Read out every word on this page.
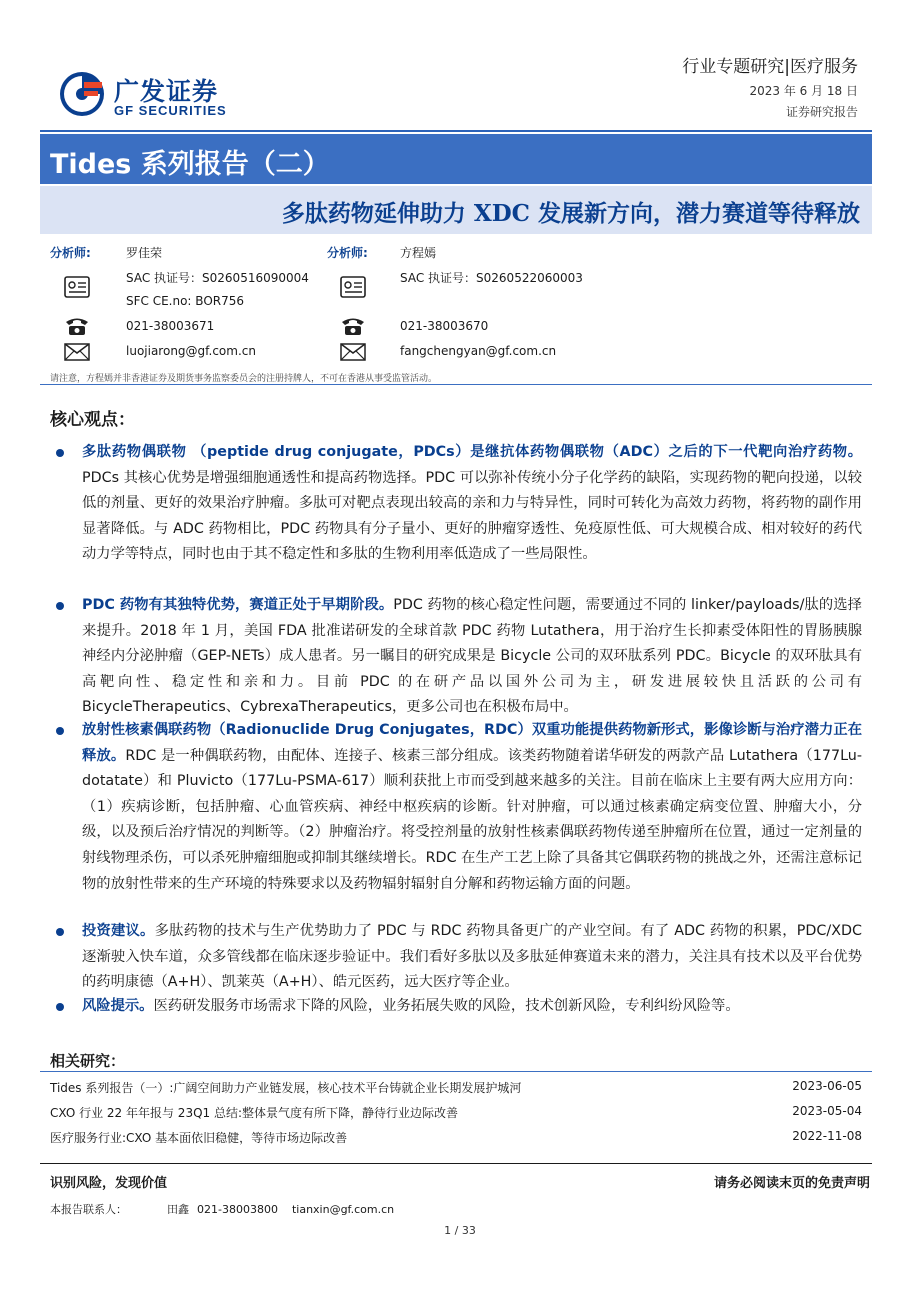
广发证券
GF SECURITIES
行业专题研究|医疗服务
2023 年 6 月 18 日
证券研究报告
Tides 系列报告（二）
多肽药物延伸助力 XDC 发展新方向，潜力赛道等待释放
分析师:	罗佳荣
SAC 执证号：S0260516090004
SFC CE.no: BOR756
021-38003671
luojiarong@gf.com.cn
分析师:	方程嫣
SAC 执证号：S0260522060003
021-38003670
fangchengyan@gf.com.cn
请注意，方程嫣并非香港证券及期货事务监察委员会的注册持牌人，不可在香港从事受监管活动。
核心观点：
多肽药物偶联物 （peptide drug conjugate，PDCs）是继抗体药物偶联物（ADC）之后的下一代靶向治疗药物。PDCs 其核心优势是增强细胞通透性和提高药物选择。PDC 可以弥补传统小分子化学药的缺陷，实现药物的靶向投递，以较低的剂量、更好的效果治疗肿瘤。多肽可对靶点表现出较高的亲和力与特异性，同时可转化为高效力药物，将药物的副作用显著降低。与 ADC 药物相比，PDC 药物具有分子量小、更好的肿瘤穿透性、免疫原性低、可大规模合成、相对较好的药代动力学等特点，同时也由于其不稳定性和多肽的生物利用率低造成了一些局限性。
PDC 药物有其独特优势，赛道正处于早期阶段。PDC 药物的核心稳定性问题，需要通过不同的 linker/payloads/肽的选择来提升。2018 年 1 月，美国 FDA 批准诺研发的全球首款 PDC 药物 Lutathera，用于治疗生长抑素受体阳性的胃肠胰腺神经内分泌肿瘤（GEP-NETs）成人患者。另一瞩目的研究成果是 Bicycle 公司的双环肽系列 PDC。Bicycle 的双环肽具有高靶向性、稳定性和亲和力。目前 PDC 的在研产品以国外公司为主，研发进展较快且活跃的公司有 BicycleTherapeutics、CybrexaTherapeutics，更多公司也在积极布局中。
放射性核素偶联药物（Radionuclide Drug Conjugates，RDC）双重功能提供药物新形式，影像诊断与治疗潜力正在释放。RDC 是一种偶联药物，由配体、连接子、核素三部分组成。该类药物随着诺华研发的两款产品 Lutathera（177Lu-dotatate）和 Pluvicto（177Lu-PSMA-617）顺利获批上市而受到越来越多的关注。目前在临床上主要有两大应用方向：（1）疾病诊断，包括肿瘤、心血管疾病、神经中枢疾病的诊断。针对肿瘤，可以通过核素确定病变位置、肿瘤大小，分级，以及预后治疗情况的判断等。（2）肿瘤治疗。将受控剂量的放射性核素偶联药物传递至肿瘤所在位置，通过一定剂量的射线物理杀伤，可以杀死肿瘤细胞或抑制其继续增长。RDC 在生产工艺上除了具备其它偶联药物的挑战之外，还需注意标记物的放射性带来的生产环境的特殊要求以及药物辐射辐射自分解和药物运输方面的问题。
投资建议。多肽药物的技术与生产优势助力了 PDC 与 RDC 药物具备更广的产业空间。有了 ADC 药物的积累，PDC/XDC 逐渐驶入快车道，众多管线都在临床逐步验证中。我们看好多肽以及多肽延伸赛道未来的潜力，关注具有技术以及平台优势的药明康德（A+H）、凯莱英（A+H）、皓元医药，远大医疗等企业。
风险提示。医药研发服务市场需求下降的风险，业务拓展失败的风险，技术创新风险，专利纠纷风险等。
相关研究：
Tides 系列报告（一）:广阔空间助力产业链发展，核心技术平台铸就企业长期发展护城河	2023-06-05
CXO 行业 22 年年报与 23Q1 总结:整体景气度有所下降，静待行业边际改善	2023-05-04
医疗服务行业:CXO 基本面依旧稳健，等待市场边际改善	2022-11-08
识别风险，发现价值	请务必阅读末页的免责声明
本报告联系人：	田鑫 021-38003800 tianxin@gf.com.cn
1 / 33
